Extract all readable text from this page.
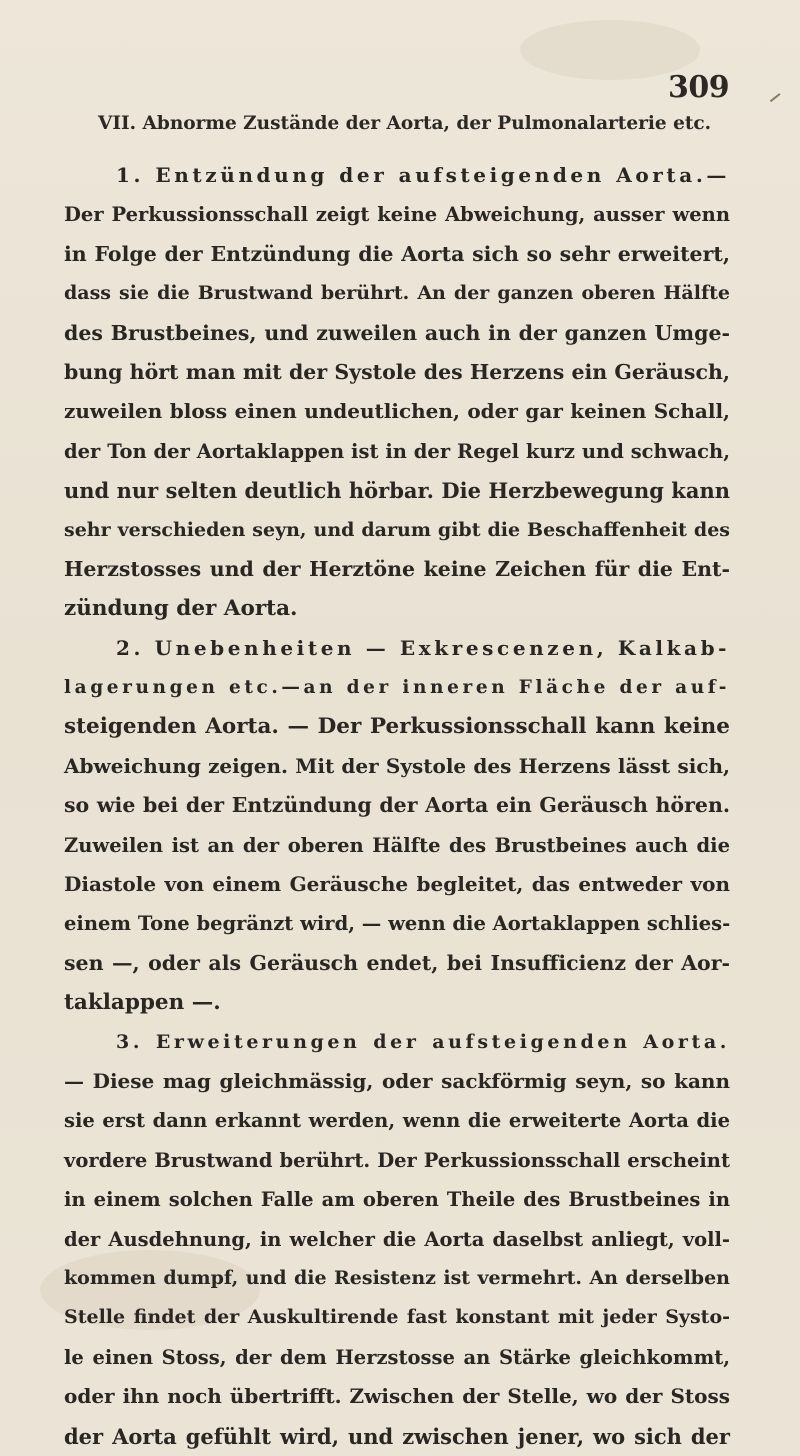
309
VII. Abnorme Zustände der Aorta, der Pulmonalarterie etc.
1. Entzündung der aufsteigenden Aorta.—
Der Perkussionsschall zeigt keine Abweichung, ausser wenn
in Folge der Entzündung die Aorta sich so sehr erweitert,
dass sie die Brustwand berührt. An der ganzen oberen Hälfte
des Brustbeines, und zuweilen auch in der ganzen Umge-
bung hört man mit der Systole des Herzens ein Geräusch,
zuweilen bloss einen undeutlichen, oder gar keinen Schall,
der Ton der Aortaklappen ist in der Regel kurz und schwach,
und nur selten deutlich hörbar. Die Herzbewegung kann
sehr verschieden seyn, und darum gibt die Beschaffenheit des
Herzstosses und der Herztöne keine Zeichen für die Ent-
zündung der Aorta.
2. Unebenheiten — Exkrescenzen, Kalkab-
lagerungen etc.—an der inneren Fläche der auf-
steigenden Aorta. — Der Perkussionsschall kann keine
Abweichung zeigen. Mit der Systole des Herzens lässt sich,
so wie bei der Entzündung der Aorta ein Geräusch hören.
Zuweilen ist an der oberen Hälfte des Brustbeines auch die
Diastole von einem Geräusche begleitet, das entweder von
einem Tone begränzt wird, — wenn die Aortaklappen schlies-
sen —, oder als Geräusch endet, bei Insufficienz der Aor-
taklappen —.
3. Erweiterungen der aufsteigenden Aorta.
— Diese mag gleichmässig, oder sackförmig seyn, so kann
sie erst dann erkannt werden, wenn die erweiterte Aorta die
vordere Brustwand berührt. Der Perkussionsschall erscheint
in einem solchen Falle am oberen Theile des Brustbeines in
der Ausdehnung, in welcher die Aorta daselbst anliegt, voll-
kommen dumpf, und die Resistenz ist vermehrt. An derselben
Stelle findet der Auskultirende fast konstant mit jeder Systo-
le einen Stoss, der dem Herzstosse an Stärke gleichkommt,
oder ihn noch übertrifft. Zwischen der Stelle, wo der Stoss
der Aorta gefühlt wird, und zwischen jener, wo sich der
